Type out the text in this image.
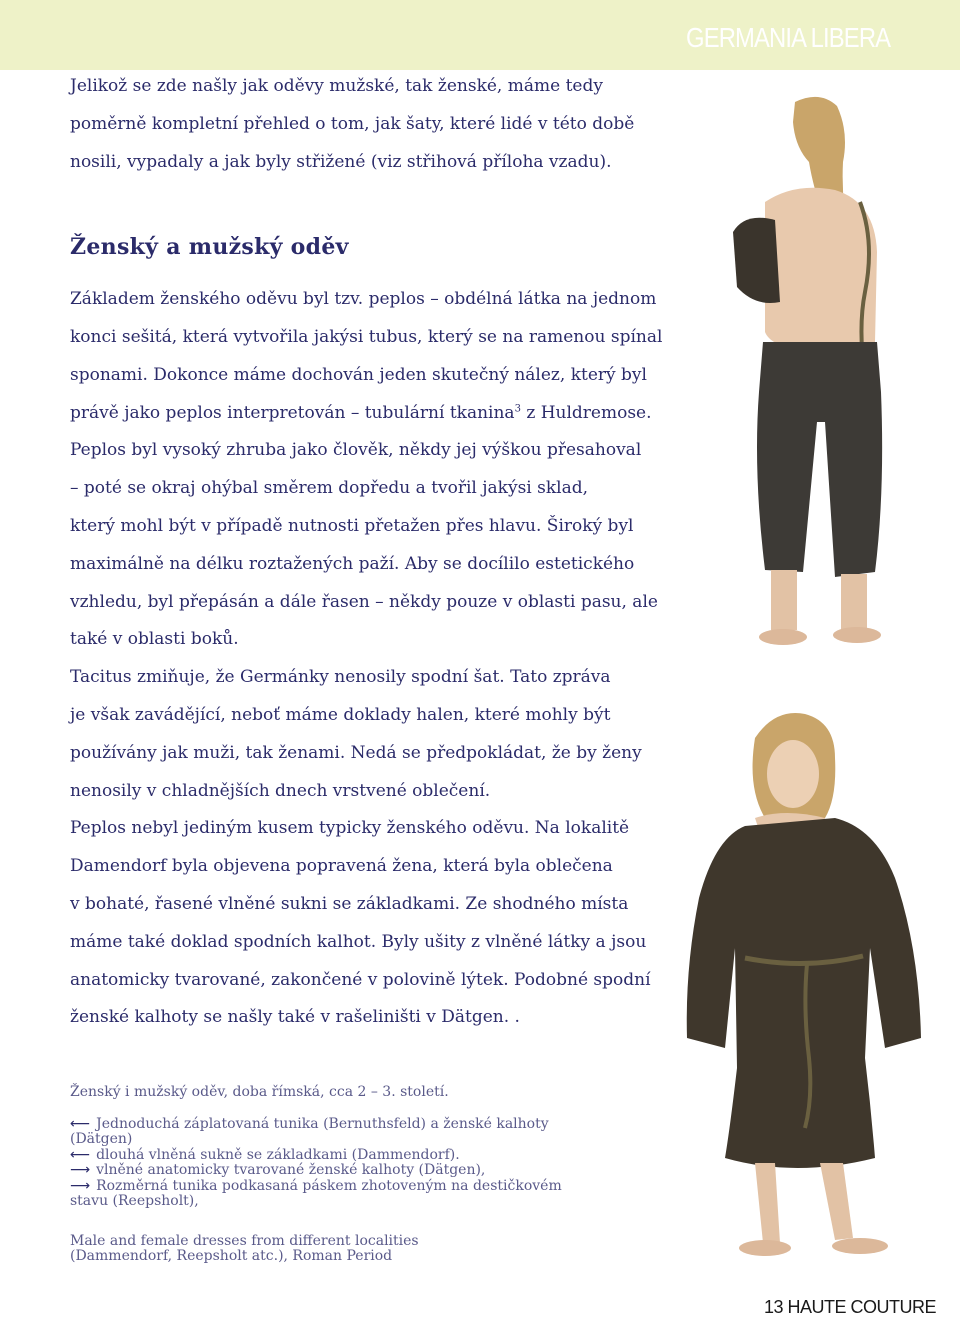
GERMANIA LIBERA

Jelikož se zde našly jak oděvy mužské, tak ženské, máme tedy

poměrně kompletní přehled o tom, jak šaty, které lidé v této době

nosili, vypadaly a jak byly střižené (viz střihová příloha vzadu).

Ženský a mužský oděv

Základem ženského oděvu byl tzv. peplos – obdélná látka na jednom

konci sešitá, která vytvořila jakýsi tubus, který se na ramenou spínal

sponami. Dokonce máme dochován jeden skutečný nález, který byl

právě jako peplos interpretován – tubulární tkanina$^3$ z Huldremose.

Peplos byl vysoký zhruba jako člověk, někdy jej výškou přesahoval

– poté se okraj ohýbal směrem dopředu a tvořil jakýsi sklad,

který mohl být v případě nutnosti přetažen přes hlavu. Široký byl

maximálně na délku roztažených paží. Aby se docílilo estetického

vzhledu, byl přepásán a dále řasen – někdy pouze v oblasti pasu, ale

také v oblasti boků.

Tacitus zmiňuje, že Germánky nenosily spodní šat. Tato zpráva

je však zavádějící, neboť máme doklady halen, které mohly být

používány jak muži, tak ženami. Nedá se předpokládat, že by ženy

nenosily v chladnějších dnech vrstvené oblečení.

Peplos nebyl jediným kusem typicky ženského oděvu. Na lokalitě

Damendorf byla objevena popravená žena, která byla oblečena

v bohaté, řasené vlněné sukni se základkami. Ze shodného místa

máme také doklad spodních kalhot. Byly ušity z vlněné látky a jsou

anatomicky tvarované, zakončené v polovině lýtek. Podobné spodní

ženské kalhoty se našly také v rašeliništi v Dätgen. .

Ženský i mužský oděv, doba římská, cca 2 – 3. století.

⟵ Jednoduchá záplatovaná tunika (Bernuthsfeld) a ženské kalhoty (Dätgen)

⟵ dlouhá vlněná sukně se základkami (Dammendorf).

⟶ vlněné anatomicky tvarované ženské kalhoty (Dätgen),

⟶ Rozměrná tunika podkasaná páskem zhotoveným na destičkovém stavu (Reepsholt),

Male and female dresses from different localities

(Dammendorf, Reepsholt atc.), Roman Period

13 HAUTE COUTURE
